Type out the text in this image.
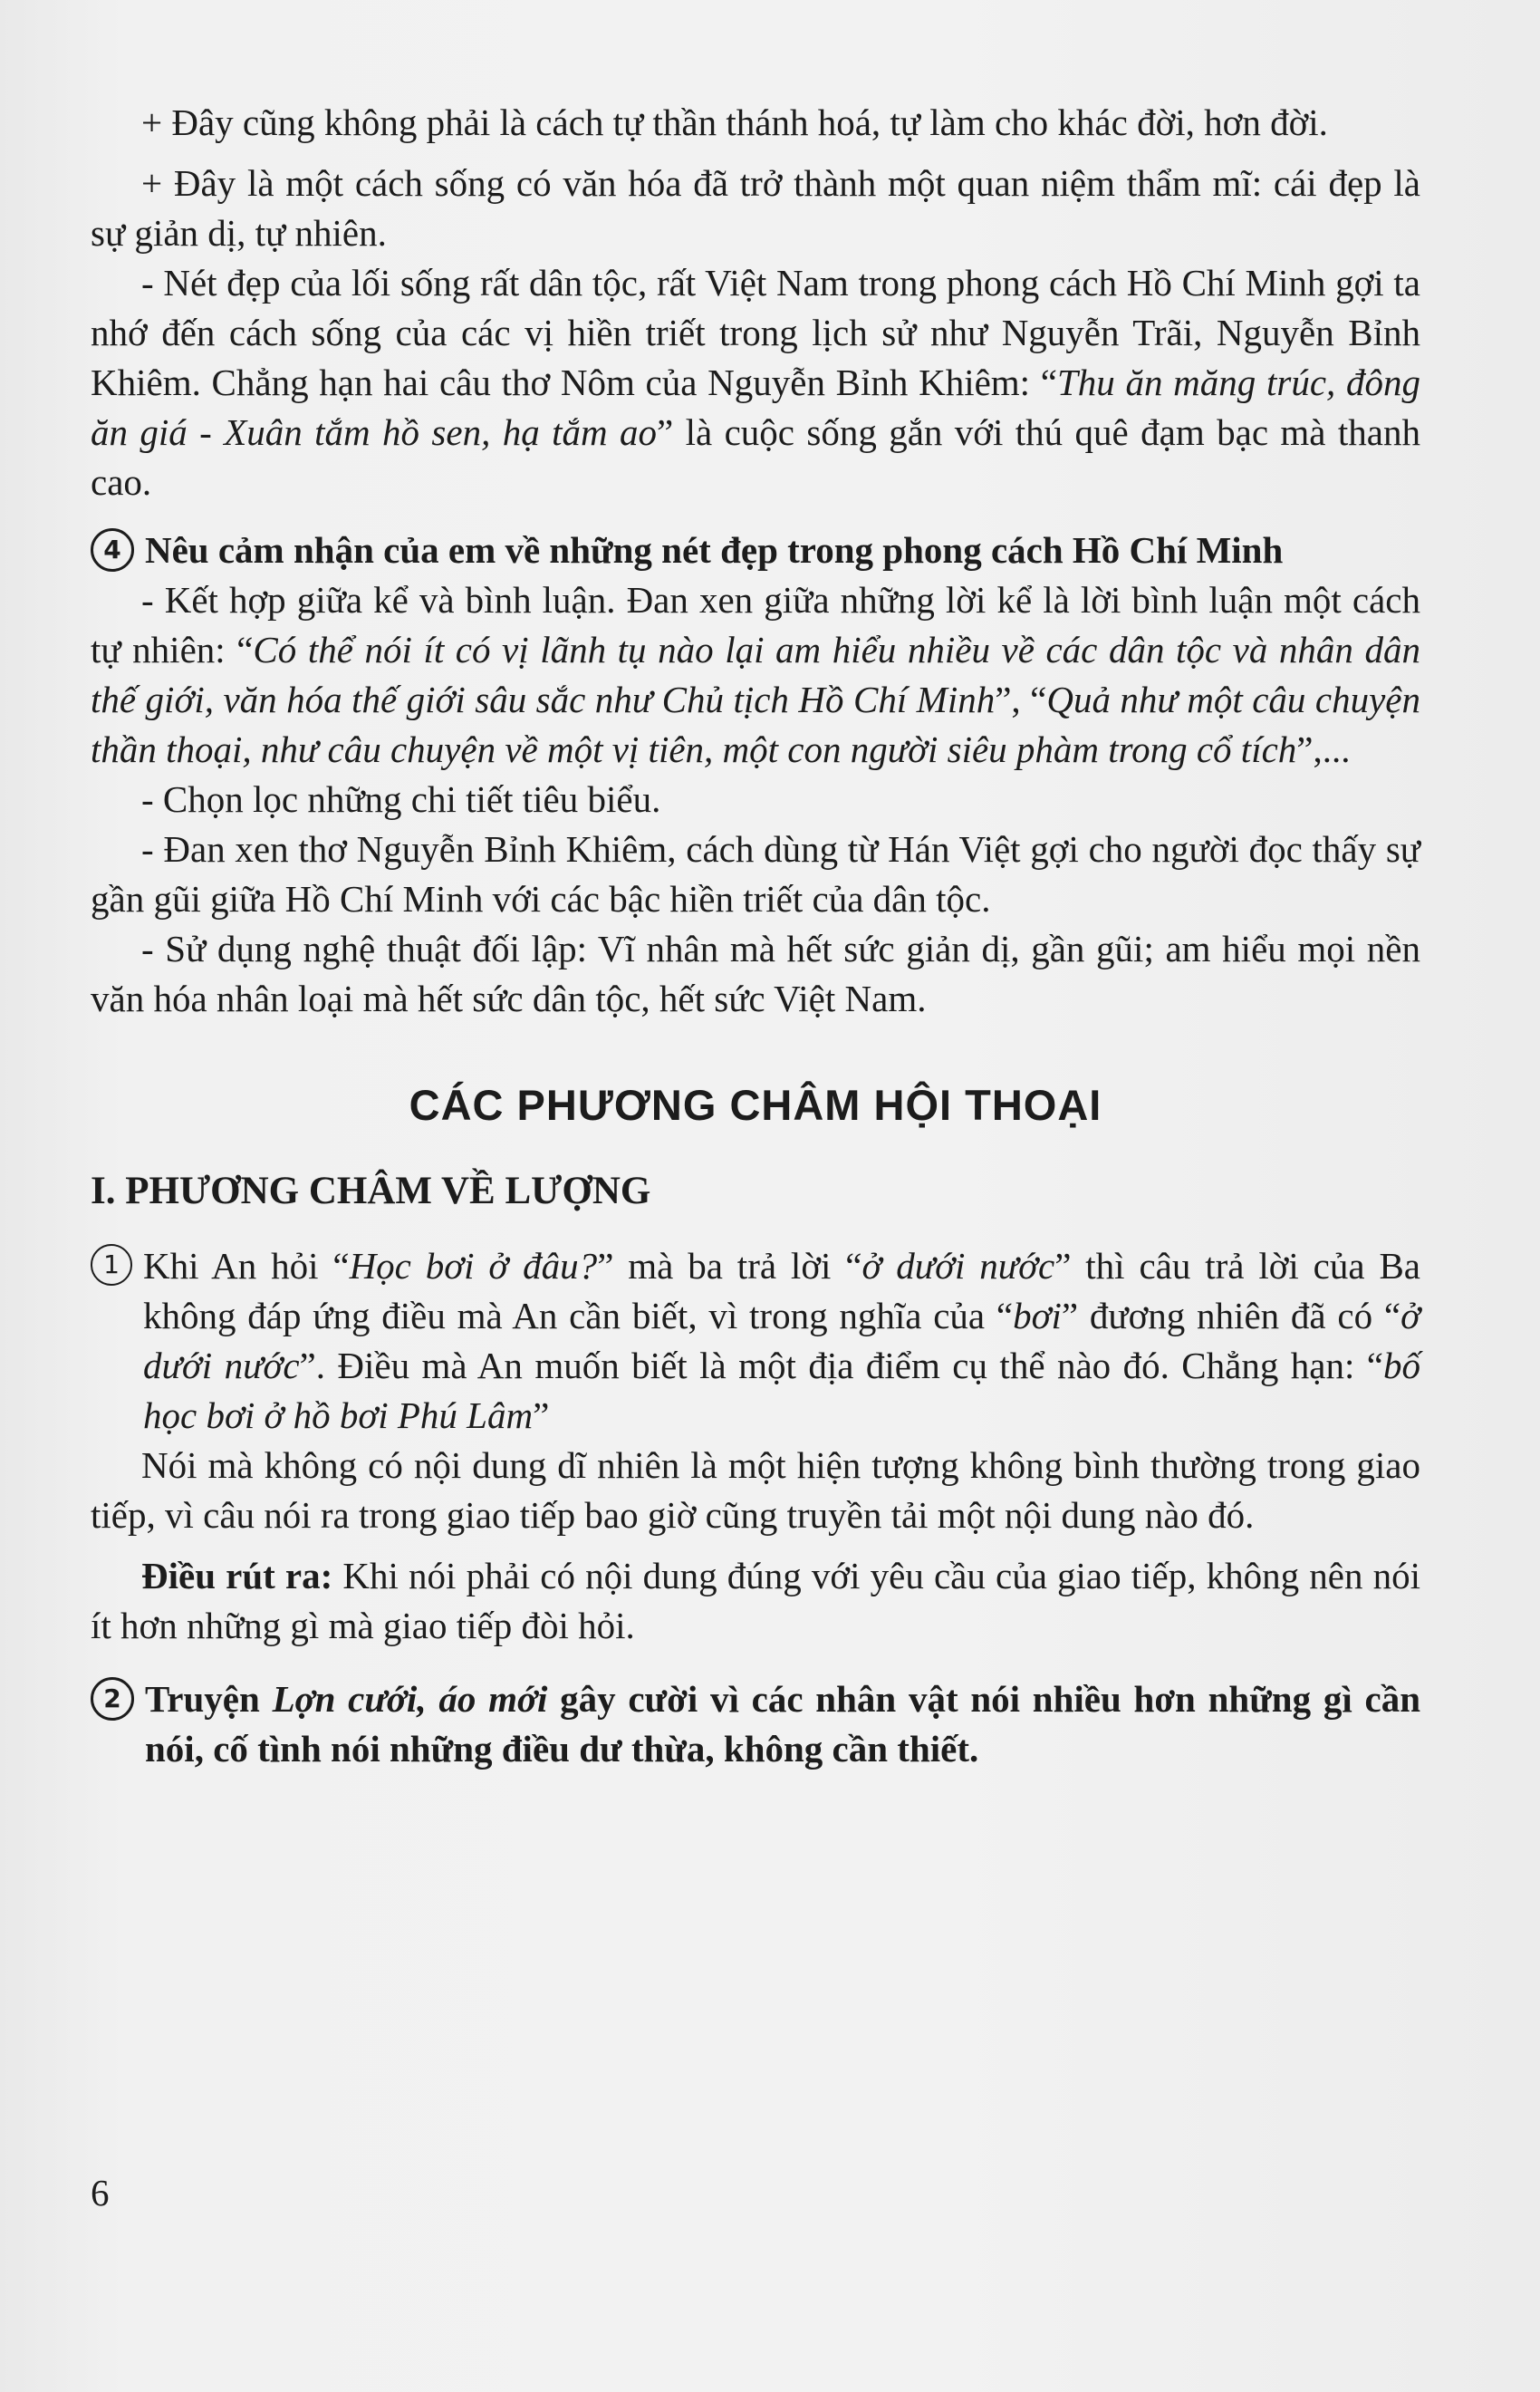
+ Đây cũng không phải là cách tự thần thánh hoá, tự làm cho khác đời, hơn đời.

+ Đây là một cách sống có văn hóa đã trở thành một quan niệm thẩm mĩ: cái đẹp là sự giản dị, tự nhiên.

- Nét đẹp của lối sống rất dân tộc, rất Việt Nam trong phong cách Hồ Chí Minh gợi ta nhớ đến cách sống của các vị hiền triết trong lịch sử như Nguyễn Trãi, Nguyễn Bỉnh Khiêm. Chẳng hạn hai câu thơ Nôm của Nguyễn Bỉnh Khiêm: “Thu ăn măng trúc, đông ăn giá - Xuân tắm hồ sen, hạ tắm ao” là cuộc sống gắn với thú quê đạm bạc mà thanh cao.

4 Nêu cảm nhận của em về những nét đẹp trong phong cách Hồ Chí Minh

- Kết hợp giữa kể và bình luận. Đan xen giữa những lời kể là lời bình luận một cách tự nhiên: “Có thể nói ít có vị lãnh tụ nào lại am hiểu nhiều về các dân tộc và nhân dân thế giới, văn hóa thế giới sâu sắc như Chủ tịch Hồ Chí Minh”, “Quả như một câu chuyện thần thoại, như câu chuyện về một vị tiên, một con người siêu phàm trong cổ tích”,...

- Chọn lọc những chi tiết tiêu biểu.

- Đan xen thơ Nguyễn Bỉnh Khiêm, cách dùng từ Hán Việt gợi cho người đọc thấy sự gần gũi giữa Hồ Chí Minh với các bậc hiền triết của dân tộc.

- Sử dụng nghệ thuật đối lập: Vĩ nhân mà hết sức giản dị, gần gũi; am hiểu mọi nền văn hóa nhân loại mà hết sức dân tộc, hết sức Việt Nam.

CÁC PHƯƠNG CHÂM HỘI THOẠI
I. PHƯƠNG CHÂM VỀ LƯỢNG
1 Khi An hỏi “Học bơi ở đâu?” mà ba trả lời “ở dưới nước” thì câu trả lời của Ba không đáp ứng điều mà An cần biết, vì trong nghĩa của “bơi” đương nhiên đã có “ở dưới nước”. Điều mà An muốn biết là một địa điểm cụ thể nào đó. Chẳng hạn: “bố học bơi ở hồ bơi Phú Lâm”

Nói mà không có nội dung dĩ nhiên là một hiện tượng không bình thường trong giao tiếp, vì câu nói ra trong giao tiếp bao giờ cũng truyền tải một nội dung nào đó.

Điều rút ra: Khi nói phải có nội dung đúng với yêu cầu của giao tiếp, không nên nói ít hơn những gì mà giao tiếp đòi hỏi.

2 Truyện Lợn cưới, áo mới gây cười vì các nhân vật nói nhiều hơn những gì cần nói, cố tình nói những điều dư thừa, không cần thiết.

6
